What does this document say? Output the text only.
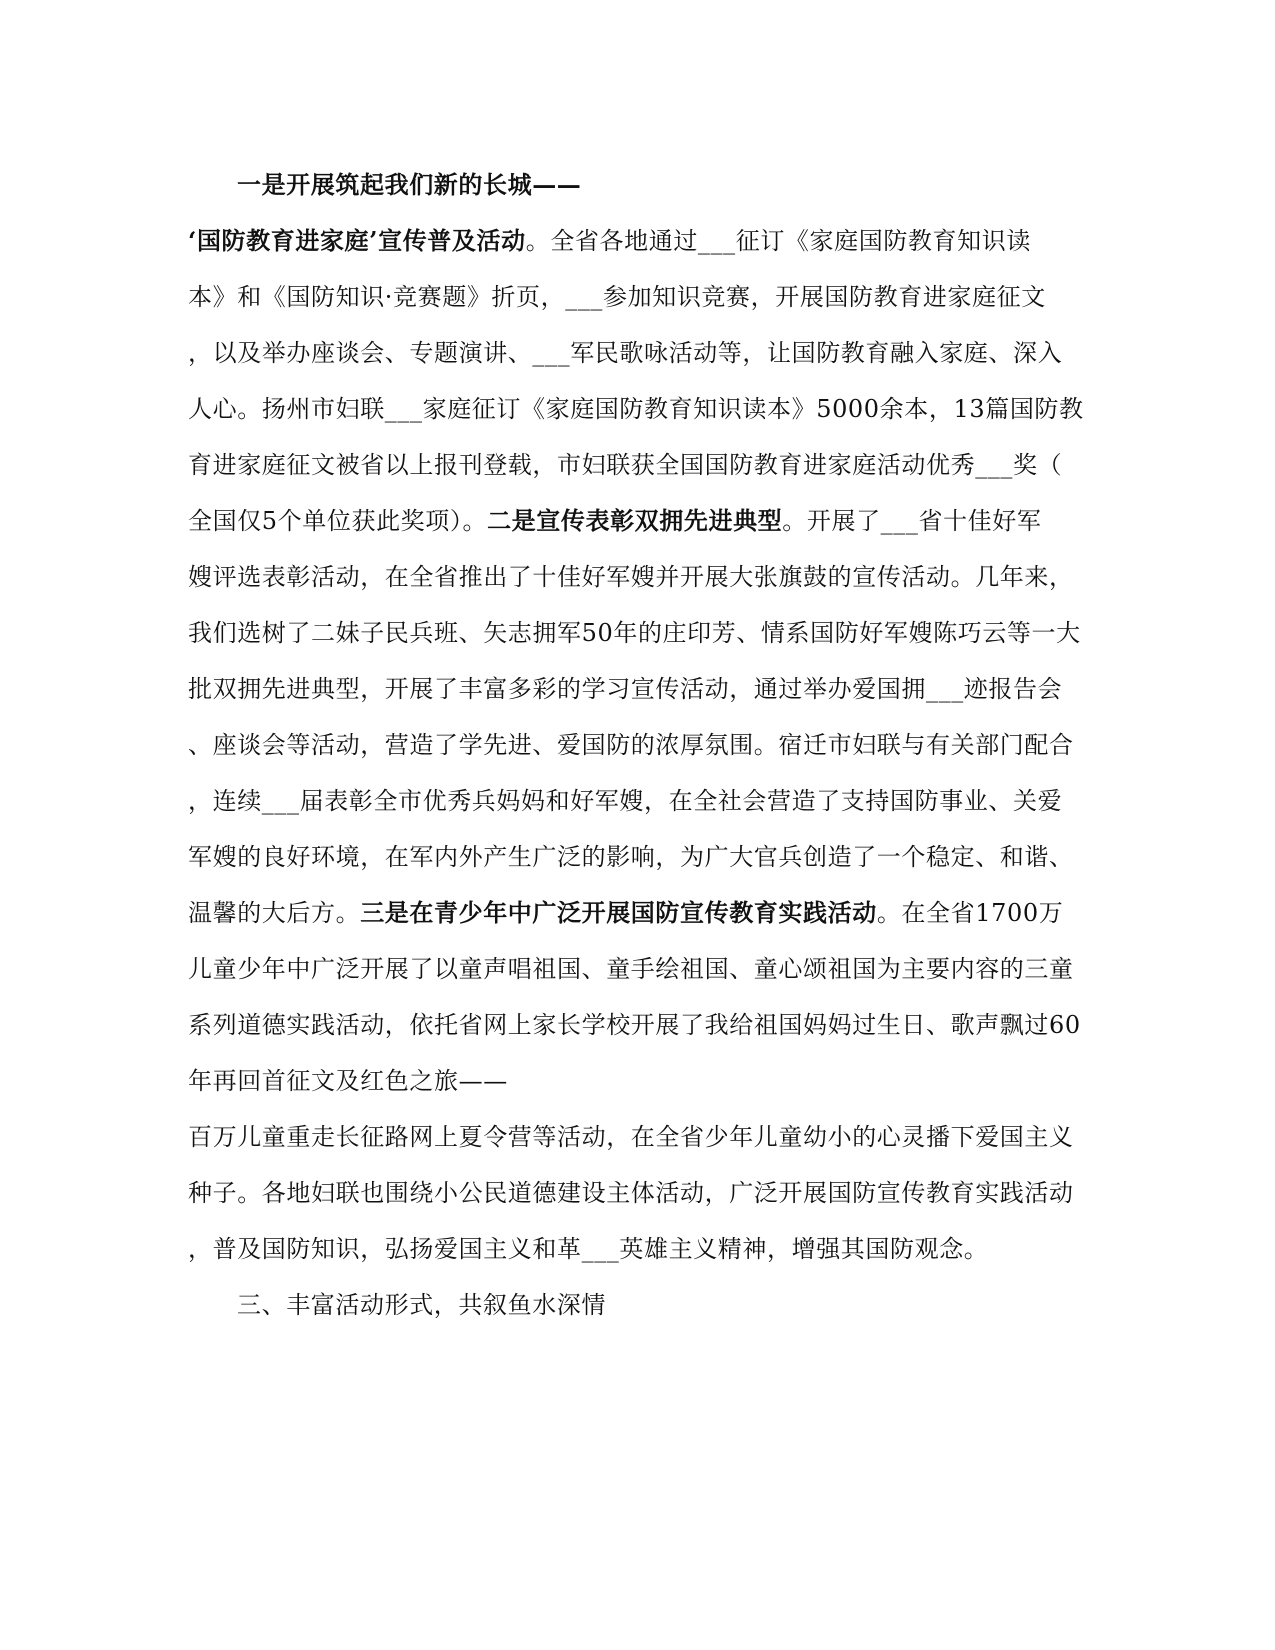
一是开展筑起我们新的长城——
‘国防教育进家庭’宣传普及活动。全省各地通过___征订《家庭国防教育知识读
本》和《国防知识·竞赛题》折页，___参加知识竞赛，开展国防教育进家庭征文
，以及举办座谈会、专题演讲、___军民歌咏活动等，让国防教育融入家庭、深入
人心。扬州市妇联___家庭征订《家庭国防教育知识读本》5000余本，13篇国防教
育进家庭征文被省以上报刊登载，市妇联获全国国防教育进家庭活动优秀___奖（
全国仅5个单位获此奖项）。二是宣传表彰双拥先进典型。开展了___省十佳好军
嫂评选表彰活动，在全省推出了十佳好军嫂并开展大张旗鼓的宣传活动。几年来，
我们选树了二妹子民兵班、矢志拥军50年的庄印芳、情系国防好军嫂陈巧云等一大
批双拥先进典型，开展了丰富多彩的学习宣传活动，通过举办爱国拥___迹报告会
、座谈会等活动，营造了学先进、爱国防的浓厚氛围。宿迁市妇联与有关部门配合
，连续___届表彰全市优秀兵妈妈和好军嫂，在全社会营造了支持国防事业、关爱
军嫂的良好环境，在军内外产生广泛的影响，为广大官兵创造了一个稳定、和谐、
温馨的大后方。三是在青少年中广泛开展国防宣传教育实践活动。在全省1700万
儿童少年中广泛开展了以童声唱祖国、童手绘祖国、童心颂祖国为主要内容的三童
系列道德实践活动，依托省网上家长学校开展了我给祖国妈妈过生日、歌声飘过60
年再回首征文及红色之旅——
百万儿童重走长征路网上夏令营等活动，在全省少年儿童幼小的心灵播下爱国主义
种子。各地妇联也围绕小公民道德建设主体活动，广泛开展国防宣传教育实践活动
，普及国防知识，弘扬爱国主义和革___英雄主义精神，增强其国防观念。
三、丰富活动形式，共叙鱼水深情
